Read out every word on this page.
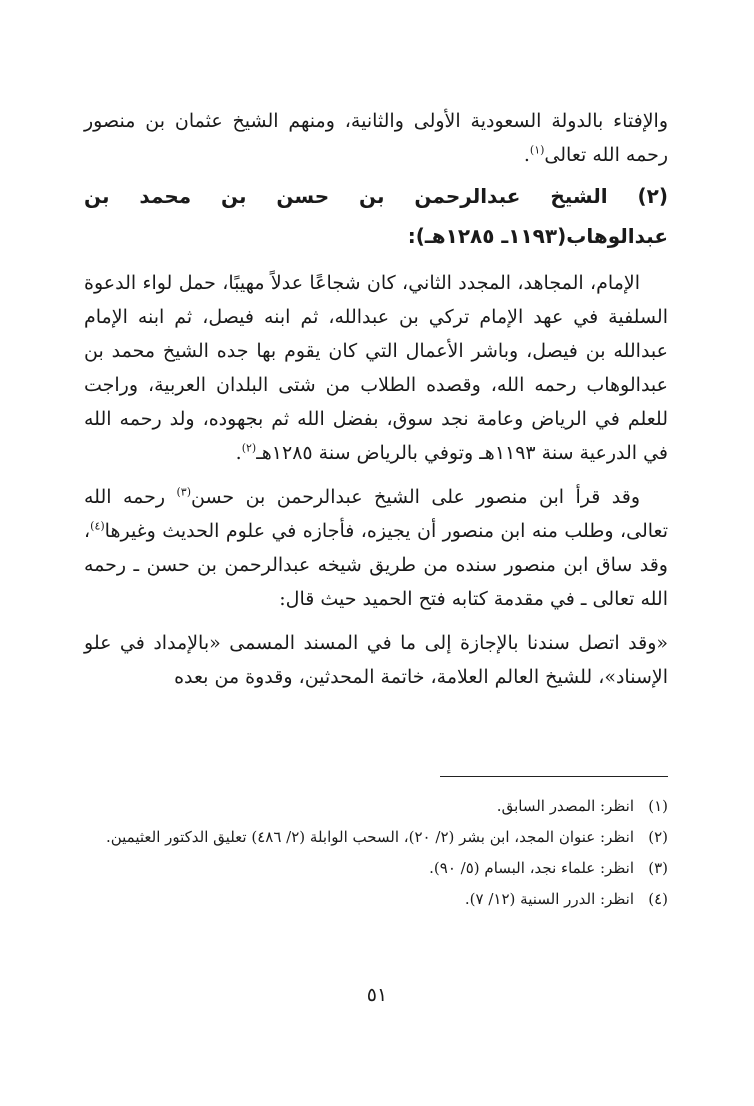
والإفتاء بالدولة السعودية الأولى والثانية، ومنهم الشيخ عثمان بن منصور رحمه الله تعالى$^{(١)}$.

(٢) الشيخ عبدالرحمن بن حسن بن محمد بن عبدالوهاب(١١٩٣ـ ١٢٨٥هـ):

الإمام، المجاهد، المجدد الثاني، كان شجاعًا عدلاً مهيبًا، حمل لواء الدعوة السلفية في عهد الإمام تركي بن عبدالله، ثم ابنه فيصل، ثم ابنه الإمام عبدالله بن فيصل، وباشر الأعمال التي كان يقوم بها جده الشيخ محمد بن عبدالوهاب رحمه الله، وقصده الطلاب من شتى البلدان العربية، وراجت للعلم في الرياض وعامة نجد سوق، بفضل الله ثم بجهوده، ولد رحمه الله في الدرعية سنة ١١٩٣هـ وتوفي بالرياض سنة ١٢٨٥هـ$^{(٢)}$.

وقد قرأ ابن منصور على الشيخ عبدالرحمن بن حسن$^{(٣)}$ رحمه الله تعالى، وطلب منه ابن منصور أن يجيزه، فأجازه في علوم الحديث وغيرها$^{(٤)}$، وقد ساق ابن منصور سنده من طريق شيخه عبدالرحمن بن حسن ـ رحمه الله تعالى ـ في مقدمة كتابه فتح الحميد حيث قال:

«وقد اتصل سندنا بالإجازة إلى ما في المسند المسمى «بالإمداد في علو الإسناد»، للشيخ العالم العلامة، خاتمة المحدثين، وقدوة من بعده

(١)
انظر: المصدر السابق.
(٢)
انظر: عنوان المجد، ابن بشر (٢/ ٢٠)، السحب الوابلة (٢/ ٤٨٦) تعليق الدكتور العثيمين.
(٣)
انظر: علماء نجد، البسام (٥/ ٩٠).
(٤)
انظر: الدرر السنية (١٢/ ٧).
٥١
